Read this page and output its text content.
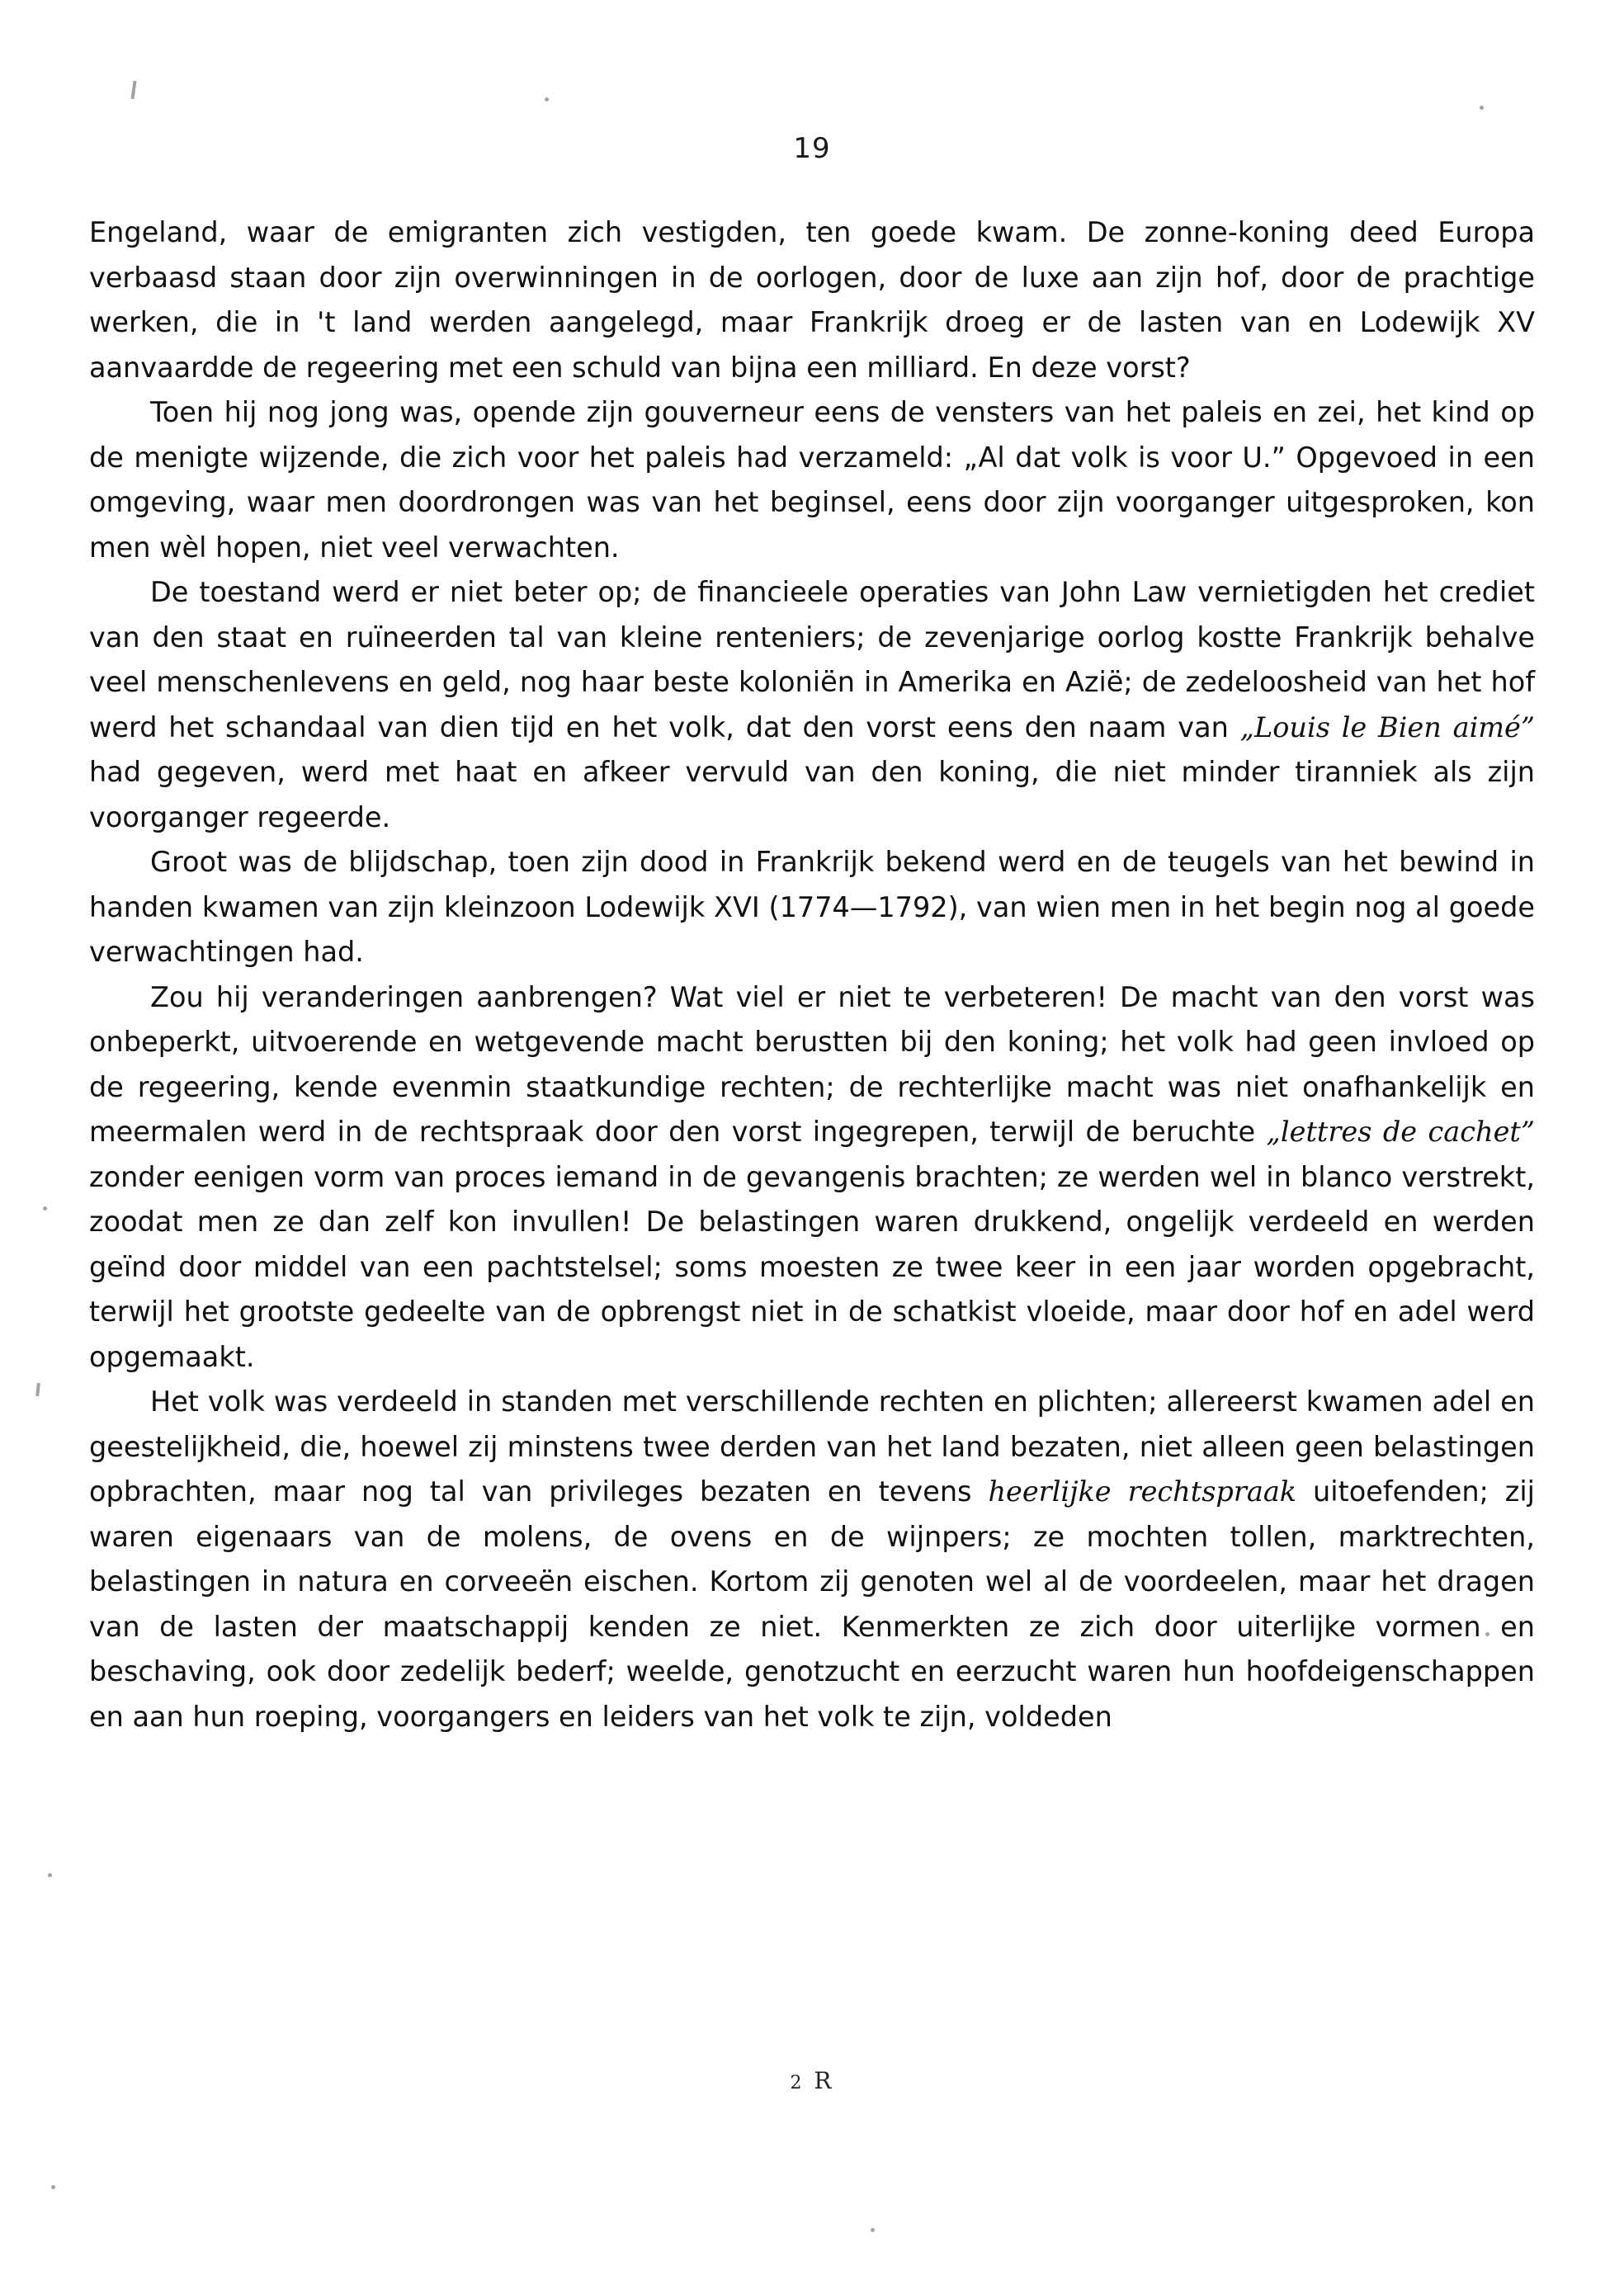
19

Engeland, waar de emigranten zich vestigden, ten goede kwam. De zonne-koning deed Europa verbaasd staan door zijn overwinningen in de oorlogen, door de luxe aan zijn hof, door de prachtige werken, die in 't land werden aangelegd, maar Frankrijk droeg er de lasten van en Lodewijk XV aanvaardde de regeering met een schuld van bijna een milliard. En deze vorst?

Toen hij nog jong was, opende zijn gouverneur eens de vensters van het paleis en zei, het kind op de menigte wijzende, die zich voor het paleis had verzameld: „Al dat volk is voor U.” Opgevoed in een omgeving, waar men doordrongen was van het beginsel, eens door zijn voorganger uitgesproken, kon men wèl hopen, niet veel verwachten.

De toestand werd er niet beter op; de financieele operaties van John Law vernietigden het crediet van den staat en ruïneerden tal van kleine renteniers; de zevenjarige oorlog kostte Frankrijk behalve veel menschenlevens en geld, nog haar beste koloniën in Amerika en Azië; de zedeloosheid van het hof werd het schandaal van dien tijd en het volk, dat den vorst eens den naam van „Louis le Bien aimé” had gegeven, werd met haat en afkeer vervuld van den koning, die niet minder tiranniek als zijn voorganger regeerde.

Groot was de blijdschap, toen zijn dood in Frankrijk bekend werd en de teugels van het bewind in handen kwamen van zijn kleinzoon Lodewijk XVI (1774—1792), van wien men in het begin nog al goede verwachtingen had.

Zou hij veranderingen aanbrengen? Wat viel er niet te verbeteren! De macht van den vorst was onbeperkt, uitvoerende en wetgevende macht berustten bij den koning; het volk had geen invloed op de regeering, kende evenmin staatkundige rechten; de rechterlijke macht was niet onafhankelijk en meermalen werd in de rechtspraak door den vorst ingegrepen, terwijl de beruchte „lettres de cachet” zonder eenigen vorm van proces iemand in de gevangenis brachten; ze werden wel in blanco verstrekt, zoodat men ze dan zelf kon invullen! De belastingen waren drukkend, ongelijk verdeeld en werden geïnd door middel van een pachtstelsel; soms moesten ze twee keer in een jaar worden opgebracht, terwijl het grootste gedeelte van de opbrengst niet in de schatkist vloeide, maar door hof en adel werd opgemaakt.

Het volk was verdeeld in standen met verschillende rechten en plichten; allereerst kwamen adel en geestelijkheid, die, hoewel zij minstens twee derden van het land bezaten, niet alleen geen belastingen opbrachten, maar nog tal van privileges bezaten en tevens heerlijke rechtspraak uitoefenden; zij waren eigenaars van de molens, de ovens en de wijnpers; ze mochten tollen, marktrechten, belastingen in natura en corveeën eischen. Kortom zij genoten wel al de voordeelen, maar het dragen van de lasten der maatschappij kenden ze niet. Kenmerkten ze zich door uiterlijke vormen en beschaving, ook door zedelijk bederf; weelde, genotzucht en eerzucht waren hun hoofdeigenschappen en aan hun roeping, voorgangers en leiders van het volk te zijn, voldeden

2 R
